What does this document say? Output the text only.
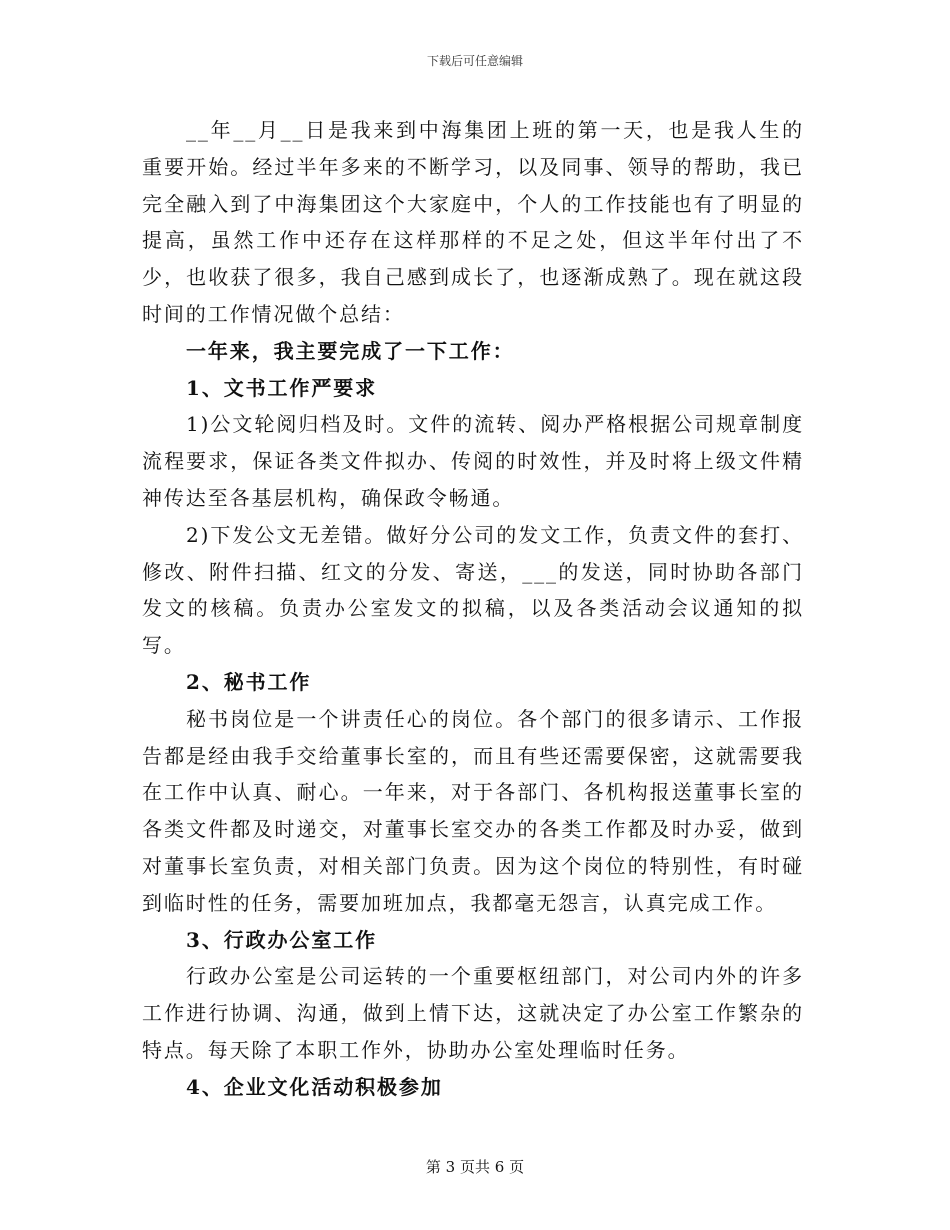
下载后可任意编辑

__年__月__日是我来到中海集团上班的第一天，也是我人生的重要开始。经过半年多来的不断学习，以及同事、领导的帮助，我已完全融入到了中海集团这个大家庭中，个人的工作技能也有了明显的提高，虽然工作中还存在这样那样的不足之处，但这半年付出了不少，也收获了很多，我自己感到成长了，也逐渐成熟了。现在就这段时间的工作情况做个总结：

一年来，我主要完成了一下工作：

1、文书工作严要求

1)公文轮阅归档及时。文件的流转、阅办严格根据公司规章制度流程要求，保证各类文件拟办、传阅的时效性，并及时将上级文件精神传达至各基层机构，确保政令畅通。

2)下发公文无差错。做好分公司的发文工作，负责文件的套打、修改、附件扫描、红文的分发、寄送，___的发送，同时协助各部门发文的核稿。负责办公室发文的拟稿，以及各类活动会议通知的拟写。

2、秘书工作

秘书岗位是一个讲责任心的岗位。各个部门的很多请示、工作报告都是经由我手交给董事长室的，而且有些还需要保密，这就需要我在工作中认真、耐心。一年来，对于各部门、各机构报送董事长室的各类文件都及时递交，对董事长室交办的各类工作都及时办妥，做到对董事长室负责，对相关部门负责。因为这个岗位的特别性，有时碰到临时性的任务，需要加班加点，我都毫无怨言，认真完成工作。

3、行政办公室工作

行政办公室是公司运转的一个重要枢纽部门，对公司内外的许多工作进行协调、沟通，做到上情下达，这就决定了办公室工作繁杂的特点。每天除了本职工作外，协助办公室处理临时任务。

4、企业文化活动积极参加

第 3 页共 6 页
